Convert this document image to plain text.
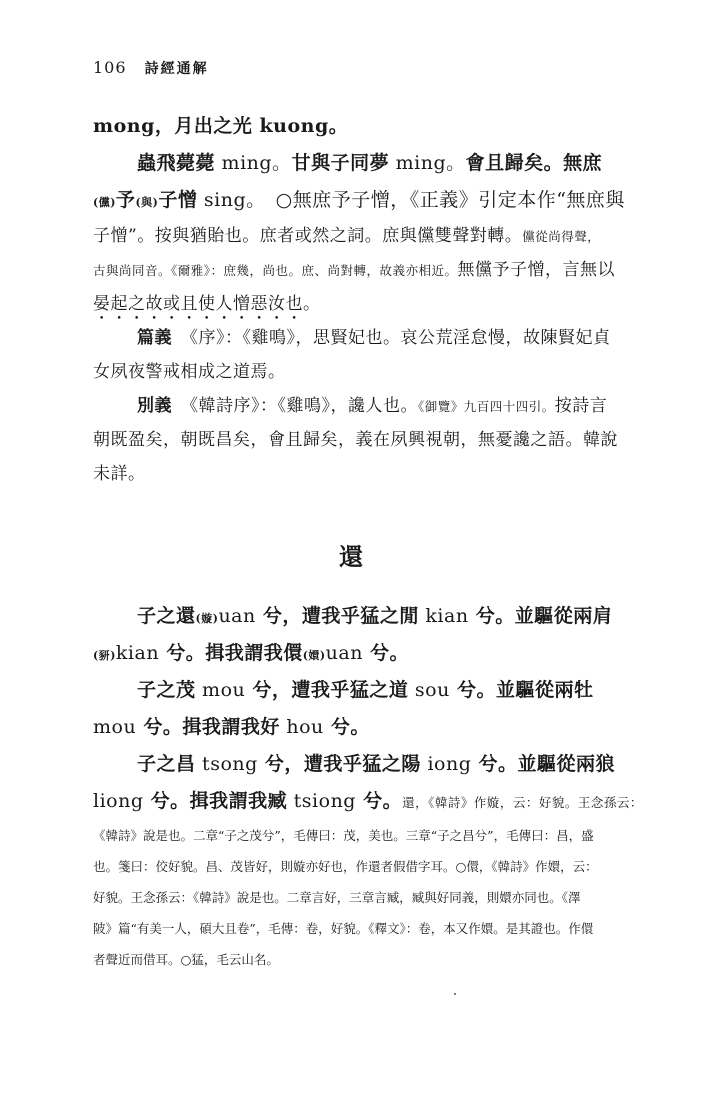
106 詩經通解
mong，月出之光 kuong。
蟲飛薨薨 ming。甘與子同夢 ming。會且歸矣。無庶
(儻)予(與)子憎 sing。　○無庶予子憎，《正義》引定本作“無庶與
子憎”。按與猶貽也。庶者或然之詞。庶與儻雙聲對轉。儻從尚得聲，
古與尚同音。《爾雅》：庶幾，尚也。庶、尚對轉，故義亦相近。無儻予子憎，言無以
晏起之故或且使人憎惡汝也。
篇義　 《序》：《雞鳴》，思賢妃也。哀公荒淫怠慢，故陳賢妃貞
女夙夜警戒相成之道焉。
別義　 《韓詩序》：《雞鳴》，讒人也。《御覽》九百四十四引。按詩言
朝既盈矣，朝既昌矣，會且歸矣，義在夙興視朝，無憂讒之語。韓說
未詳。
還
子之還(嫙)uan 兮，遭我乎猛之閒 kian 兮。並驅從兩肩
(豜)kian 兮。揖我謂我儇(嬛)uan 兮。
子之茂 mou 兮，遭我乎猛之道 sou 兮。並驅從兩牡
mou 兮。揖我謂我好 hou 兮。
子之昌 tsong 兮，遭我乎猛之陽 iong 兮。並驅從兩狼
liong 兮。揖我謂我臧 tsiong 兮。還，《韓詩》作嫙，云：好貌。王念孫云：
《韓詩》說是也。二章“子之茂兮”，毛傳曰：茂，美也。三章“子之昌兮”，毛傳曰：昌，盛
也。箋曰：佼好貌。昌、茂皆好，則嫙亦好也，作還者假借字耳。○儇，《韓詩》作嬛，云：
好貌。王念孫云：《韓詩》說是也。二章言好，三章言臧，臧與好同義，則嬛亦同也。《澤
陂》篇“有美一人，碩大且卷”，毛傳：卷，好貌。《釋文》：卷，本又作嬛。是其證也。作儇
者聲近而借耳。○猛，毛云山名。
